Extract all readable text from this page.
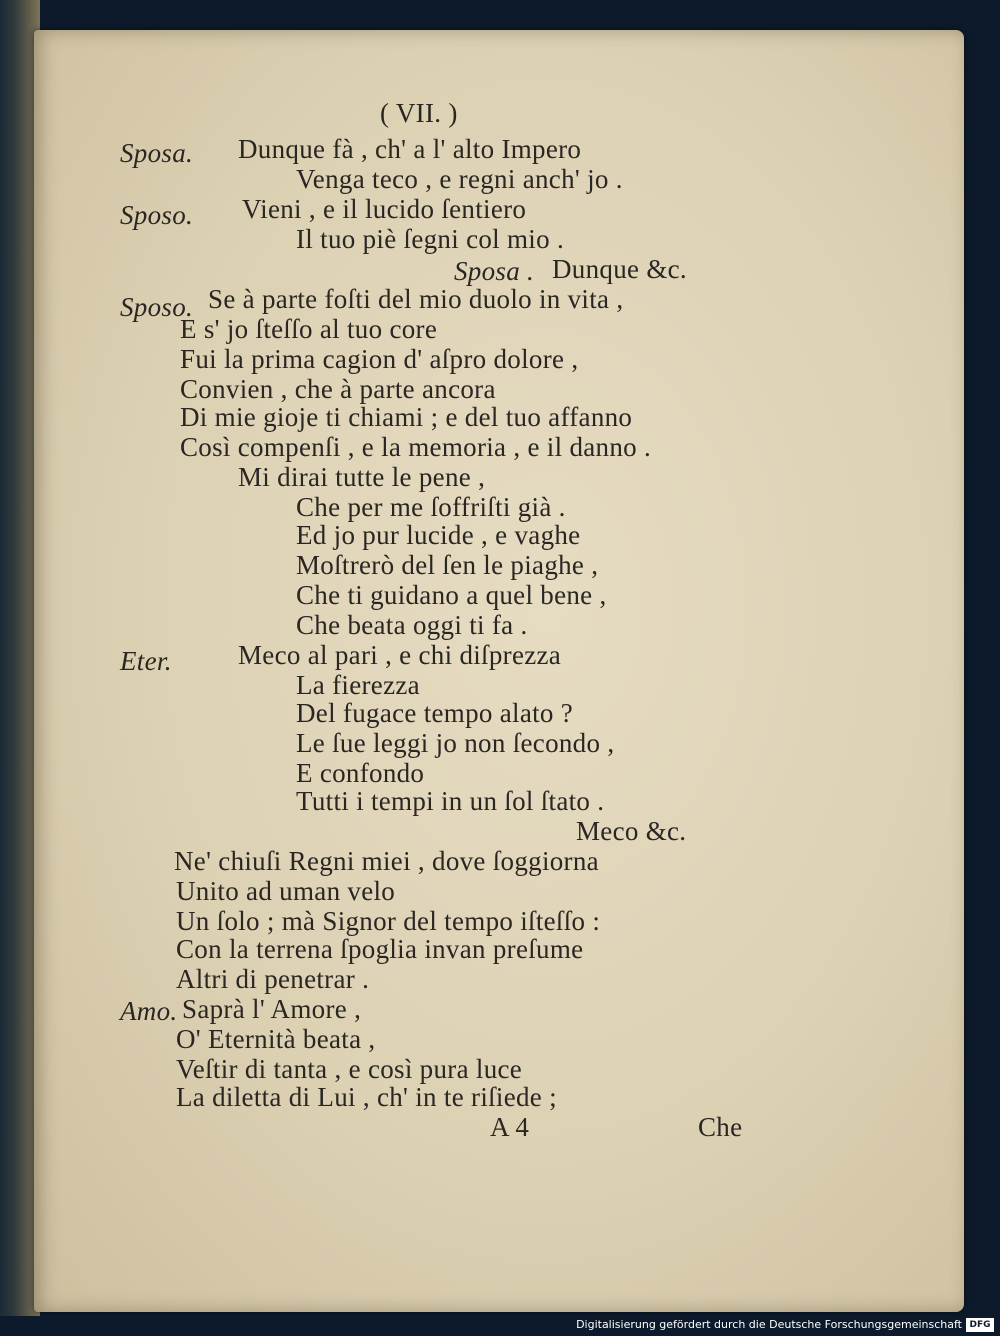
( VII. )
Sposa. Dunque fà , ch' a l' alto Impero
Venga teco , e regni anch' jo .
Sposo. Vieni , e il lucido ſentiero
Il tuo piè ſegni col mio .
Sposa . Dunque &c.
Sposo. Se à parte foſti del mio duolo in vita ,
E s' jo ſteſſo al tuo core
Fui la prima cagion d' aſpro dolore ,
Convien , che à parte ancora
Di mie gioje ti chiami ; e del tuo affanno
Così compenſi , e la memoria , e il danno .
Mi dirai tutte le pene ,
Che per me ſoffriſti già .
Ed jo pur lucide , e vaghe
Moſtrerò del ſen le piaghe ,
Che ti guidano a quel bene ,
Che beata oggi ti fa .
Eter. Meco al pari , e chi diſprezza
La fierezza
Del fugace tempo alato ?
Le ſue leggi jo non ſecondo ,
E confondo
Tutti i tempi in un ſol ſtato .
Meco &c.
Ne' chiuſi Regni miei , dove ſoggiorna
Unito ad uman velo
Un ſolo ; mà Signor del tempo iſteſſo :
Con la terrena ſpoglia invan preſume
Altri di penetrar .
Amo. Saprà l' Amore ,
O' Eternità beata ,
Veſtir di tanta , e così pura luce
La diletta di Lui , ch' in te riſiede ;
A 4	Che
Digitalisierung gefördert durch die Deutsche Forschungsgemeinschaft DFG
